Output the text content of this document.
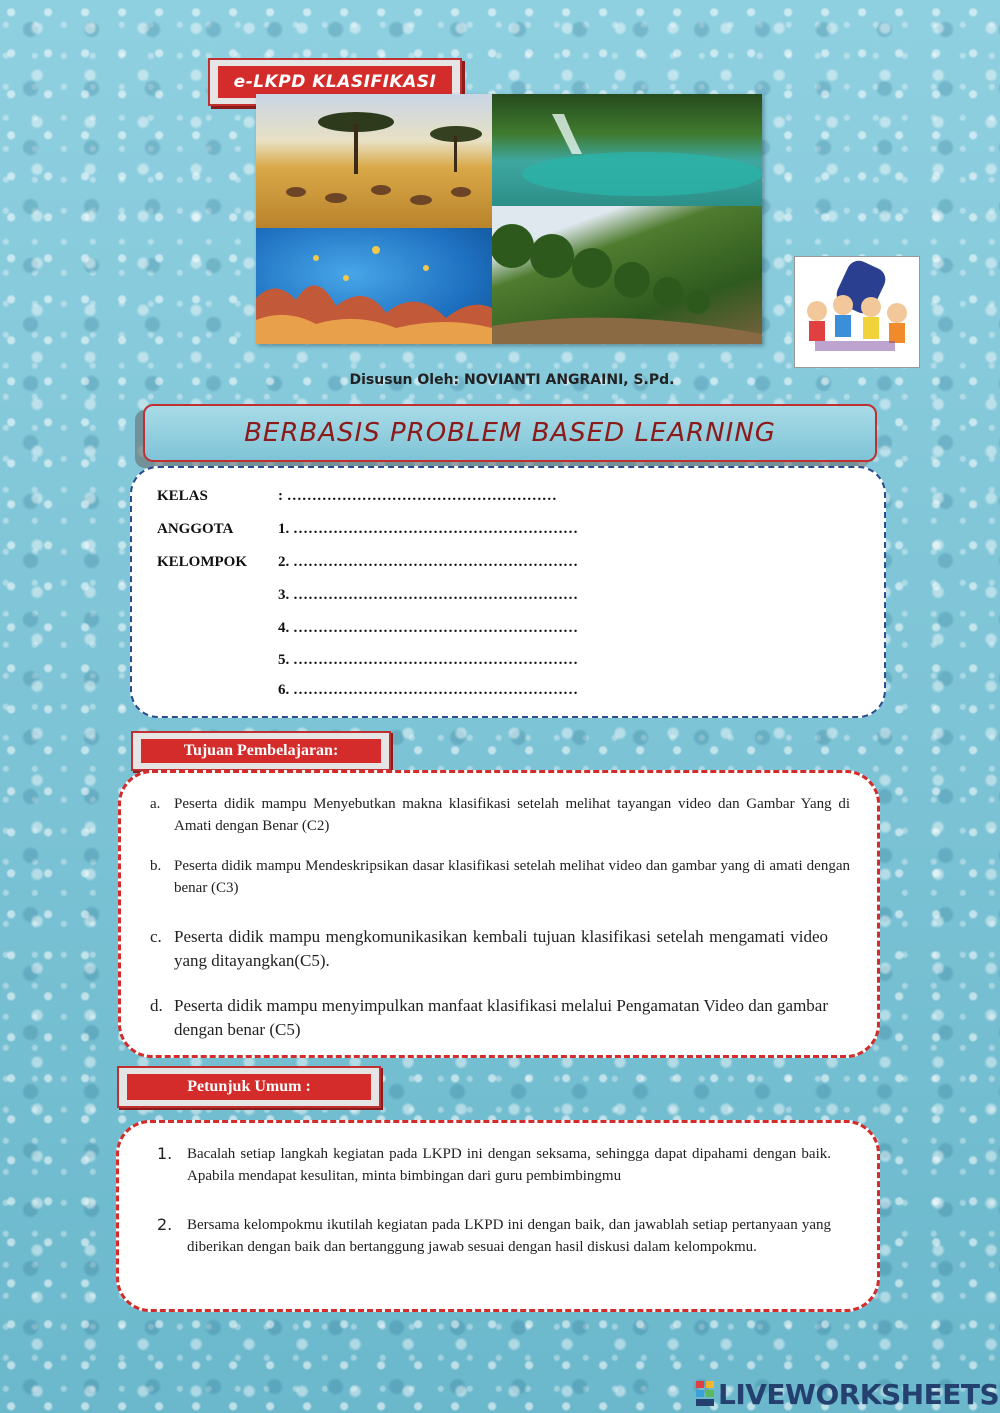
e-LKPD KLASIFIKASI
Disusun Oleh: NOVIANTI ANGRAINI, S.Pd.
BERBASIS PROBLEM BASED LEARNING
KELAS	: ………………………………………………
ANGGOTA	1. …………………………………………………
KELOMPOK 2. …………………………………………………
3. …………………………………………………
4. …………………………………………………
5. …………………………………………………
6. …………………………………………………
Tujuan Pembelajaran:
a. Peserta didik mampu Menyebutkan makna klasifikasi setelah melihat tayangan video dan Gambar Yang di Amati dengan Benar (C2)
b. Peserta didik mampu Mendeskripsikan dasar klasifikasi setelah melihat video dan gambar yang di amati dengan benar (C3)
c. Peserta didik mampu mengkomunikasikan kembali tujuan klasifikasi setelah mengamati video yang ditayangkan(C5).
d. Peserta didik mampu menyimpulkan manfaat klasifikasi melalui Pengamatan Video dan gambar dengan benar (C5)
Petunjuk Umum :
1. Bacalah setiap langkah kegiatan pada LKPD ini dengan seksama, sehingga dapat dipahami dengan baik. Apabila mendapat kesulitan, minta bimbingan dari guru pembimbingmu
2. Bersama kelompokmu ikutilah kegiatan pada LKPD ini dengan baik, dan jawablah setiap pertanyaan yang diberikan dengan baik dan bertanggung jawab sesuai dengan hasil diskusi dalam kelompokmu.
LIVEWORKSHEETS
